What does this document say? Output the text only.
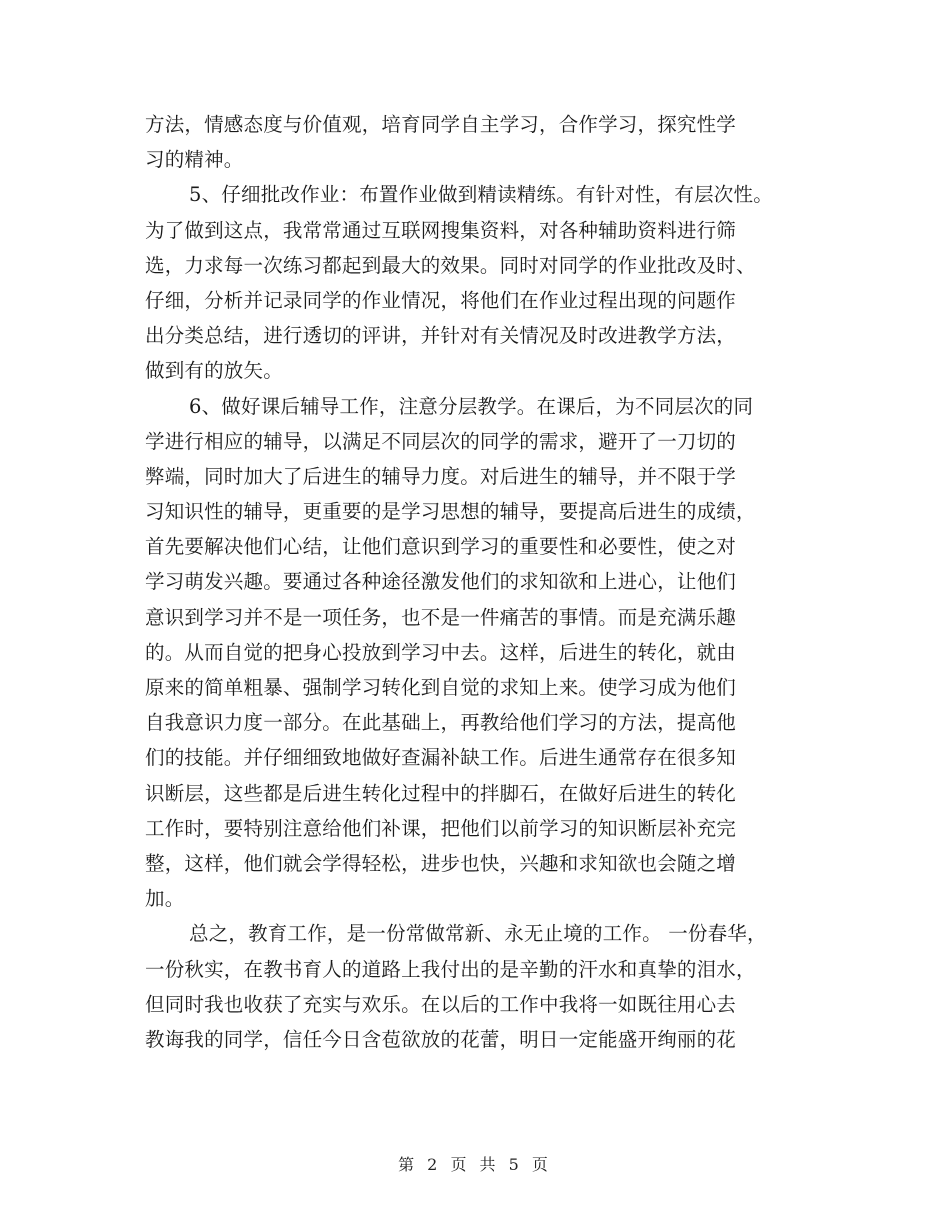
方法，情感态度与价值观，培育同学自主学习，合作学习，探究性学
习的精神。
5、仔细批改作业：布置作业做到精读精练。有针对性，有层次性。
为了做到这点，我常常通过互联网搜集资料，对各种辅助资料进行筛
选，力求每一次练习都起到最大的效果。同时对同学的作业批改及时、
仔细，分析并记录同学的作业情况，将他们在作业过程出现的问题作
出分类总结，进行透切的评讲，并针对有关情况及时改进教学方法，
做到有的放矢。
6、做好课后辅导工作，注意分层教学。在课后，为不同层次的同
学进行相应的辅导，以满足不同层次的同学的需求，避开了一刀切的
弊端，同时加大了后进生的辅导力度。对后进生的辅导，并不限于学
习知识性的辅导，更重要的是学习思想的辅导，要提高后进生的成绩，
首先要解决他们心结，让他们意识到学习的重要性和必要性，使之对
学习萌发兴趣。要通过各种途径激发他们的求知欲和上进心，让他们
意识到学习并不是一项任务，也不是一件痛苦的事情。而是充满乐趣
的。从而自觉的把身心投放到学习中去。这样，后进生的转化，就由
原来的简单粗暴、强制学习转化到自觉的求知上来。使学习成为他们
自我意识力度一部分。在此基础上，再教给他们学习的方法，提高他
们的技能。并仔细细致地做好查漏补缺工作。后进生通常存在很多知
识断层，这些都是后进生转化过程中的拌脚石，在做好后进生的转化
工作时，要特别注意给他们补课，把他们以前学习的知识断层补充完
整，这样，他们就会学得轻松，进步也快，兴趣和求知欲也会随之增
加。
总之，教育工作，是一份常做常新、永无止境的工作。 一份春华，
一份秋实，在教书育人的道路上我付出的是辛勤的汗水和真挚的泪水，
但同时我也收获了充实与欢乐。在以后的工作中我将一如既往用心去
教诲我的同学，信任今日含苞欲放的花蕾，明日一定能盛开绚丽的花
第 2 页 共 5 页
